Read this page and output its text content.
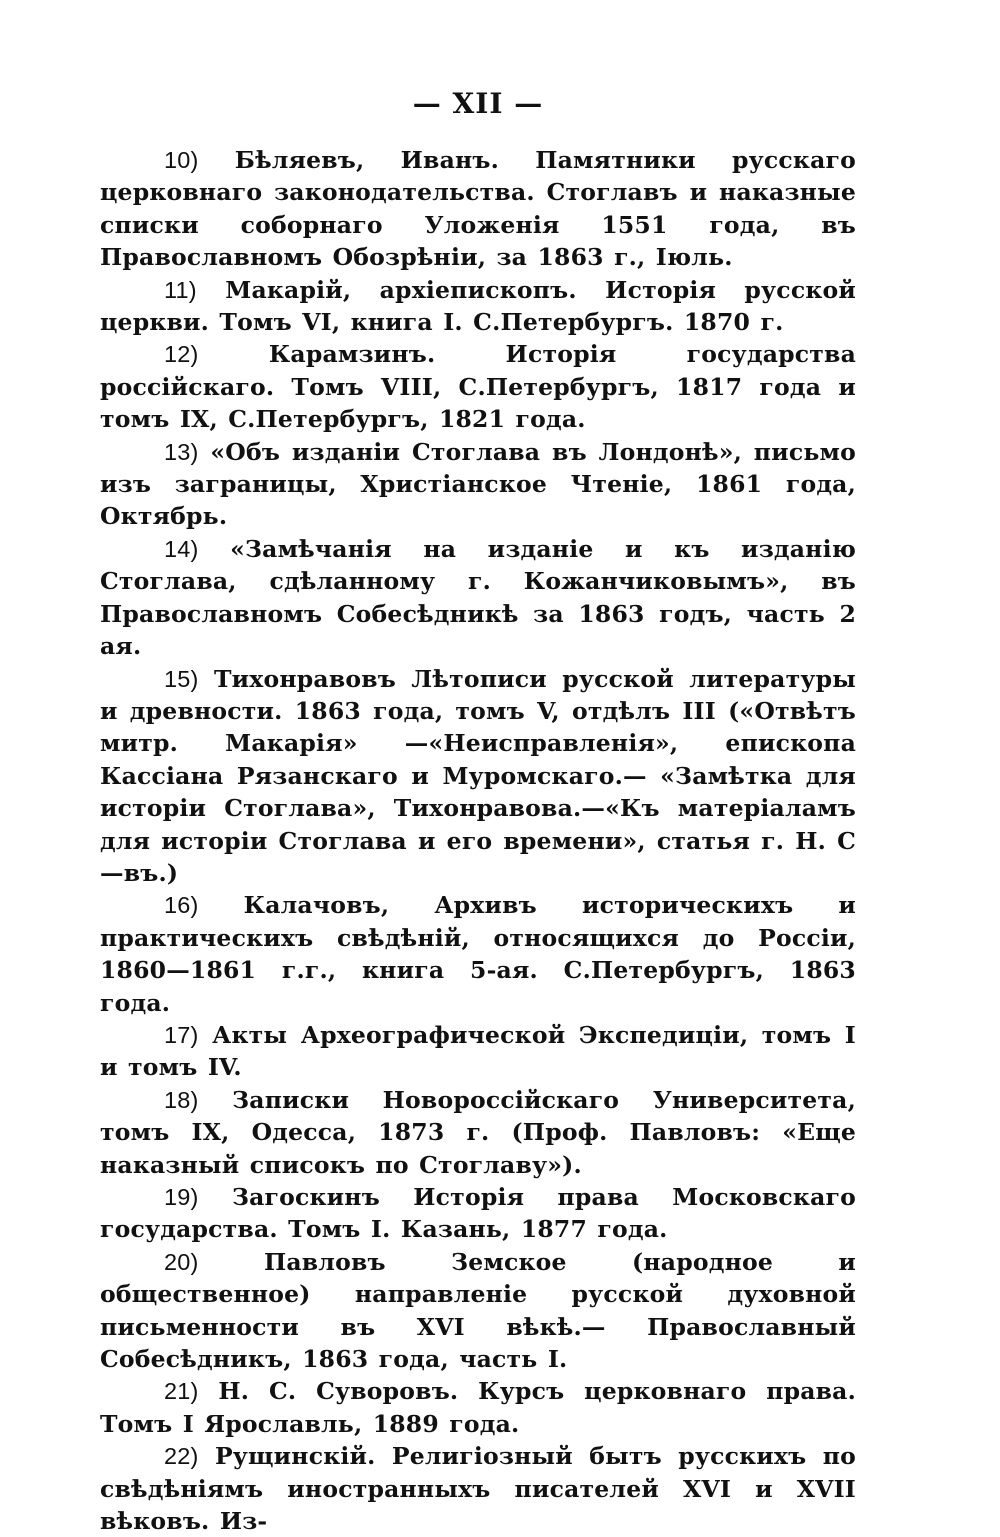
— XII —
10) Бѣляевъ, Иванъ. Памятники русскаго церковнаго законодательства. Стоглавъ и наказные списки соборнаго Уложенія 1551 года, въ Православномъ Обозрѣніи, за 1863 г., Іюль.
11) Макарій, архіепископъ. Исторія русской церкви. Томъ VI, книга I. С.Петербургъ. 1870 г.
12)	Карамзинъ. Исторія государства россійскаго. Томъ VIII, С.Петербургъ, 1817 года и томъ IX, С.Петербургъ, 1821 года.
13) «Объ изданіи Стоглава въ Лондонѣ», письмо изъ заграницы, Христіанское Чтеніе, 1861 года, Октябрь.
14) «Замѣчанія на изданіе и къ изданію Стоглава, сдѣланному г. Кожанчиковымъ», въ Православномъ Собесѣдникѣ за 1863 годъ, часть 2 ая.
15) Тихонравовъ Лѣтописи русской литературы и древности. 1863 года, томъ V, отдѣлъ III («Отвѣтъ митр. Макарія» —«Неисправленія», епископа Кассіана Рязанскаго и Муромскаго.— «Замѣтка для исторіи Стоглава», Тихонравова.—«Къ матеріаламъ для исторіи Стоглава и его времени», статья г. Н. С—въ.)
16) Калачовъ, Архивъ историческихъ и практическихъ свѣдѣній, относящихся до Россіи, 1860—1861 г.г., книга 5-ая. С.Петербургъ, 1863 года.
17) Акты Археографической Экспедиціи, томъ I и томъ IV.
18) Записки Новороссійскаго Университета, томъ IX, Одесса, 1873 г. (Проф. Павловъ: «Еще наказный списокъ по Стоглаву»).
19) Загоскинъ Исторія права Московскаго государства. Томъ I. Казань, 1877 года.
20)	Павловъ Земское (народное и общественное) направленіе русской духовной письменности въ XVI вѣкѣ.— Православный Собесѣдникъ, 1863 года, часть I.
21) Н. С. Суворовъ. Курсъ церковнаго права. Томъ I Ярославль, 1889 года.
22) Рущинскій. Религіозный бытъ русскихъ по свѣдѣніямъ иностранныхъ писателей XVI и XVII вѣковъ. Из-
